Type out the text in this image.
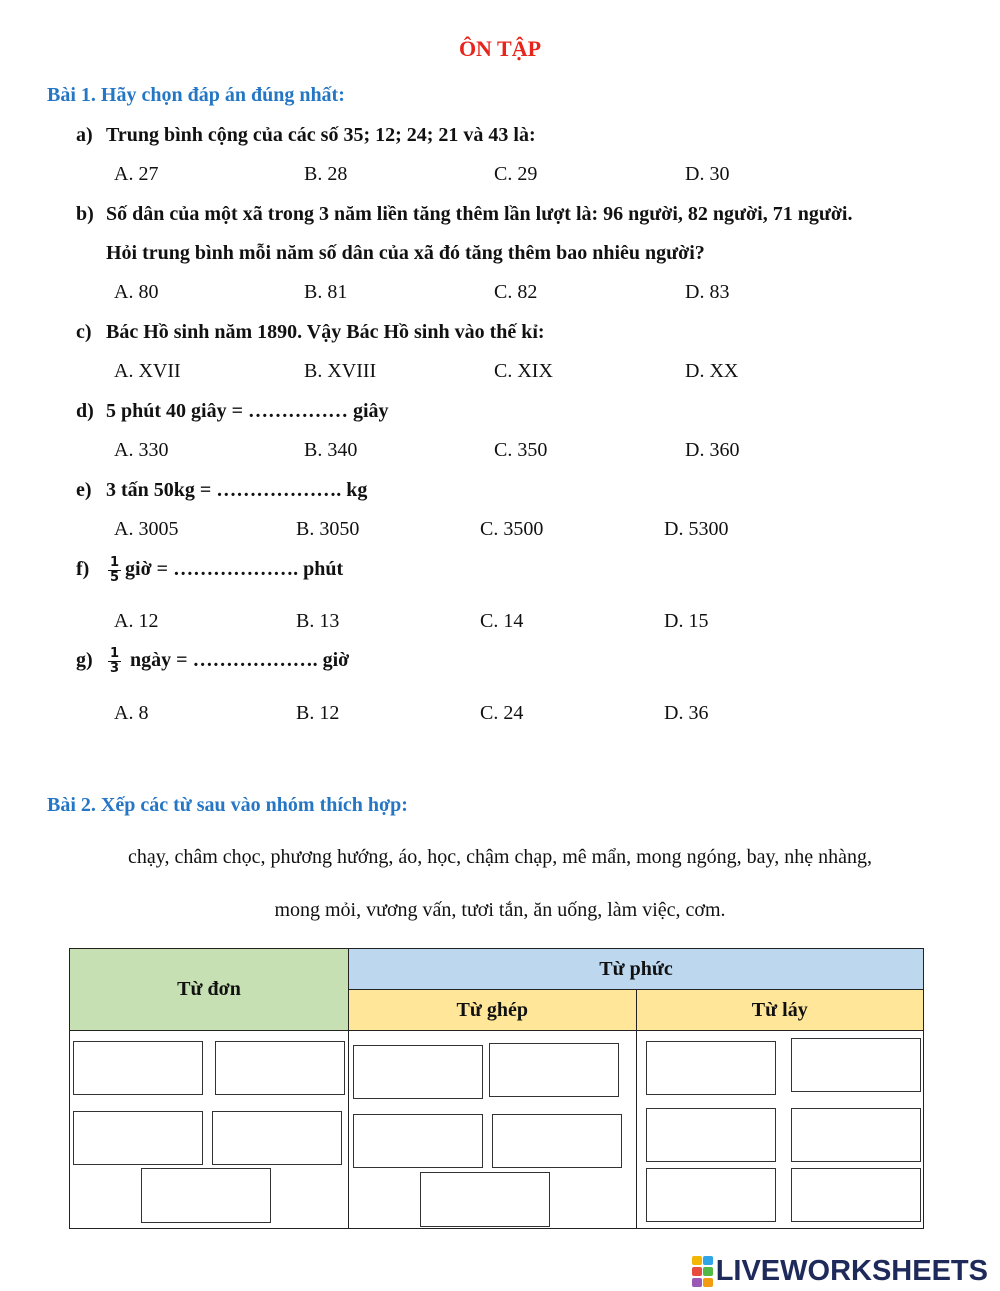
ÔN TẬP
Bài 1. Hãy chọn đáp án đúng nhất:
a) Trung bình cộng của các số 35; 12; 24; 21 và 43 là:
A. 27	B. 28	C. 29	D. 30
b) Số dân của một xã trong 3 năm liền tăng thêm lần lượt là: 96 người, 82 người, 71 người.
Hỏi trung bình mỗi năm số dân của xã đó tăng thêm bao nhiêu người?
A. 80	B. 81	C. 82	D. 83
c) Bác Hồ sinh năm 1890. Vậy Bác Hồ sinh vào thế kỉ:
A. XVII	B. XVIII	C. XIX	D. XX
d) 5 phút 40 giây = …………… giây
A. 330	B. 340	C. 350	D. 360
e) 3 tấn 50kg = ………………. kg
A. 3005	B. 3050	C. 3500	D. 5300
$f) \frac{1}{5}$ giờ = ………………. phút
A. 12	B. 13	C. 14	D. 15
$g) \frac{1}{3}$ ngày = ………………. giờ
A. 8	B. 12	C. 24	D. 36
Bài 2. Xếp các từ sau vào nhóm thích hợp:
chạy, châm chọc, phương hướng, áo, học, chậm chạp, mê mẩn, mong ngóng, bay, nhẹ nhàng,
mong mỏi, vương vấn, tươi tắn, ăn uống, làm việc, cơm.
Từ đơn	Từ phức	
	Từ ghép	Từ láy

LIVEWORKSHEETS
